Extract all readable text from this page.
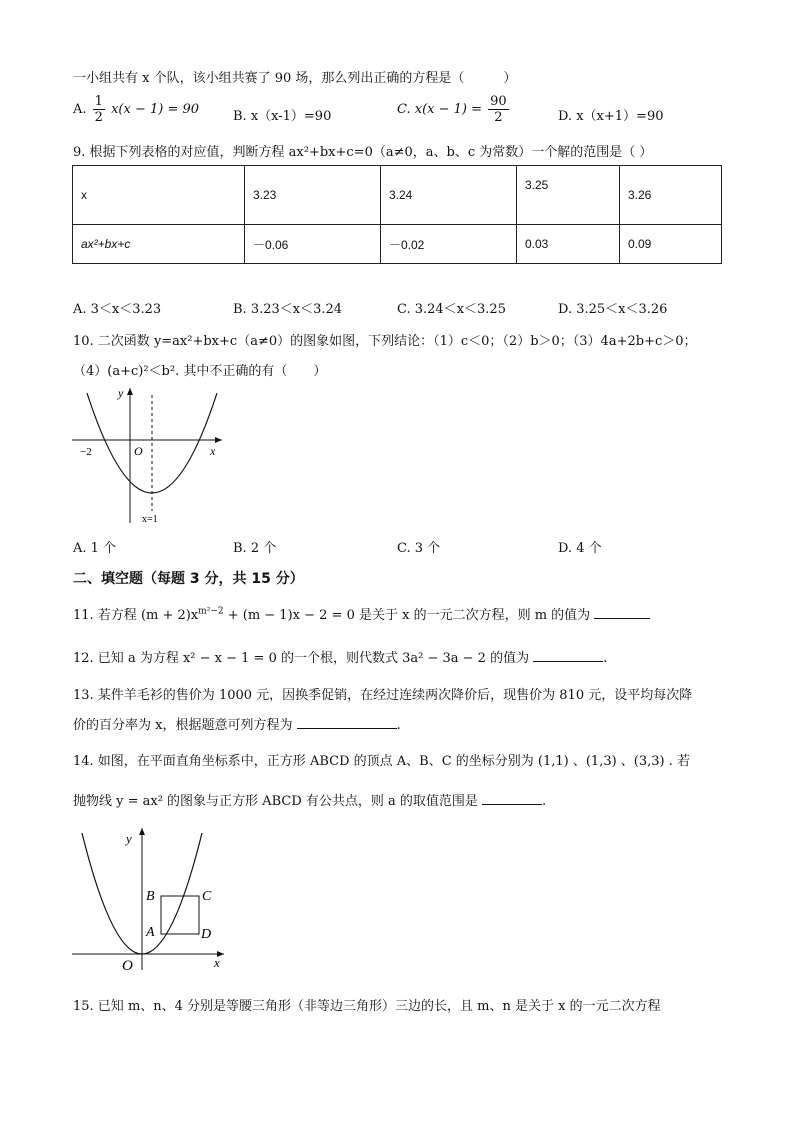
一小组共有 x 个队，该小组共赛了 90 场，那么列出正确的方程是（　　　）
A. $\frac{1}{2} x(x - 1) = 90$	B. x（x-1）=90	C. $x(x - 1) = \frac{90}{2}$	D. x（x+1）=90
9. 根据下列表格的对应值，判断方程 ax²+bx+c=0（a≠0，a、b、c 为常数）一个解的范围是（ ）
x	3.23	3.24	3.25	3.26
ax²+bx+c	－0.06	－0.02	0.03	0.09
A. 3＜x＜3.23	B. 3.23＜x＜3.24	C. 3.24＜x＜3.25	D. 3.25＜x＜3.26
10. 二次函数 y=ax²+bx+c（a≠0）的图象如图，下列结论：（1）c＜0；（2）b＞0；（3）4a+2b+c＞0；
（4）(a+c)²＜b². 其中不正确的有（　　）
y
x
O
−2
x=1
A. 1 个	B. 2 个	C. 3 个	D. 4 个
二、填空题（每题 3 分，共 15 分）
11. 若方程 $(m + 2)x^{m^2-2} + (m - 1)x - 2 = 0$ 是关于 x 的一元二次方程，则 m 的值为
12. 已知 a 为方程 x² − x − 1 = 0 的一个根，则代数式 3a² − 3a − 2 的值为	.
13. 某件羊毛衫的售价为 1000 元，因换季促销，在经过连续两次降价后，现售价为 810 元，设平均每次降
价的百分率为 x，根据题意可列方程为	.
14. 如图，在平面直角坐标系中，正方形 ABCD 的顶点 A、B、C 的坐标分别为 (1,1) 、(1,3) 、(3,3) . 若
抛物线 y = ax² 的图象与正方形 ABCD 有公共点，则 a 的取值范围是	.
y
x
O
A
B	C
D
15. 已知 m、n、4 分别是等腰三角形（非等边三角形）三边的长，且 m、n 是关于 x 的一元二次方程
